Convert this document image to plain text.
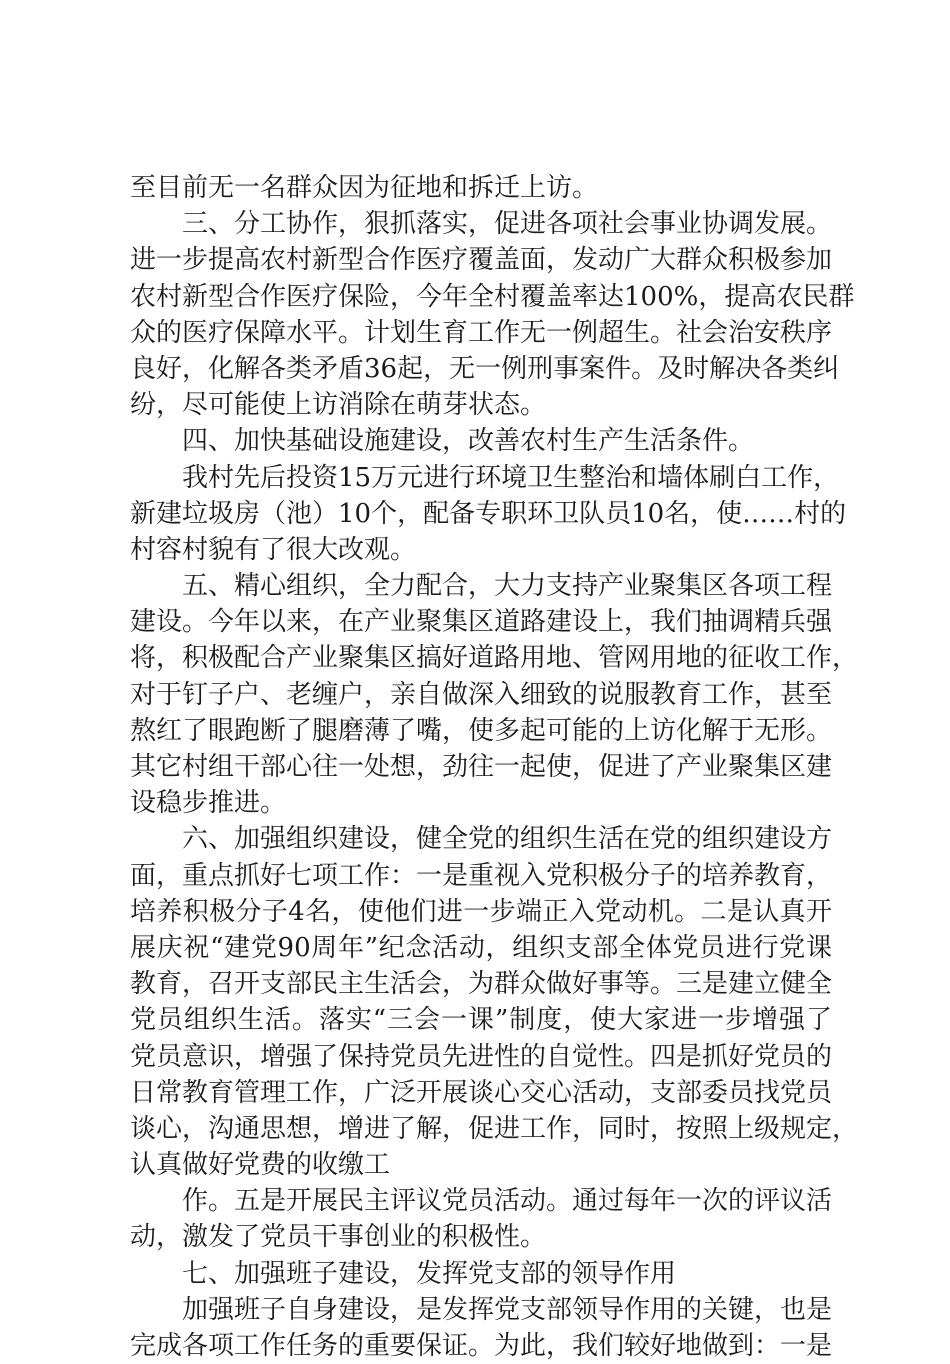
至目前无一名群众因为征地和拆迁上访。
三、分工协作，狠抓落实，促进各项社会事业协调发展。
进一步提高农村新型合作医疗覆盖面，发动广大群众积极参加
农村新型合作医疗保险，今年全村覆盖率达100%，提高农民群
众的医疗保障水平。计划生育工作无一例超生。社会治安秩序
良好，化解各类矛盾36起，无一例刑事案件。及时解决各类纠
纷，尽可能使上访消除在萌芽状态。
四、加快基础设施建设，改善农村生产生活条件。
我村先后投资15万元进行环境卫生整治和墙体刷白工作，
新建垃圾房（池）10个，配备专职环卫队员10名，使……村的
村容村貌有了很大改观。
五、精心组织，全力配合，大力支持产业聚集区各项工程
建设。今年以来，在产业聚集区道路建设上，我们抽调精兵强
将，积极配合产业聚集区搞好道路用地、管网用地的征收工作，
对于钉子户、老缠户，亲自做深入细致的说服教育工作，甚至
熬红了眼跑断了腿磨薄了嘴，使多起可能的上访化解于无形。
其它村组干部心往一处想，劲往一起使，促进了产业聚集区建
设稳步推进。
六、加强组织建设，健全党的组织生活在党的组织建设方
面，重点抓好七项工作：一是重视入党积极分子的培养教育，
培养积极分子4名，使他们进一步端正入党动机。二是认真开
展庆祝“建党90周年”纪念活动，组织支部全体党员进行党课
教育，召开支部民主生活会，为群众做好事等。三是建立健全
党员组织生活。落实“三会一课”制度，使大家进一步增强了
党员意识，增强了保持党员先进性的自觉性。四是抓好党员的
日常教育管理工作，广泛开展谈心交心活动，支部委员找党员
谈心，沟通思想，增进了解，促进工作，同时，按照上级规定，
认真做好党费的收缴工
作。五是开展民主评议党员活动。通过每年一次的评议活
动，激发了党员干事创业的积极性。
七、加强班子建设，发挥党支部的领导作用
加强班子自身建设，是发挥党支部领导作用的关键，也是
完成各项工作任务的重要保证。为此，我们较好地做到：一是
